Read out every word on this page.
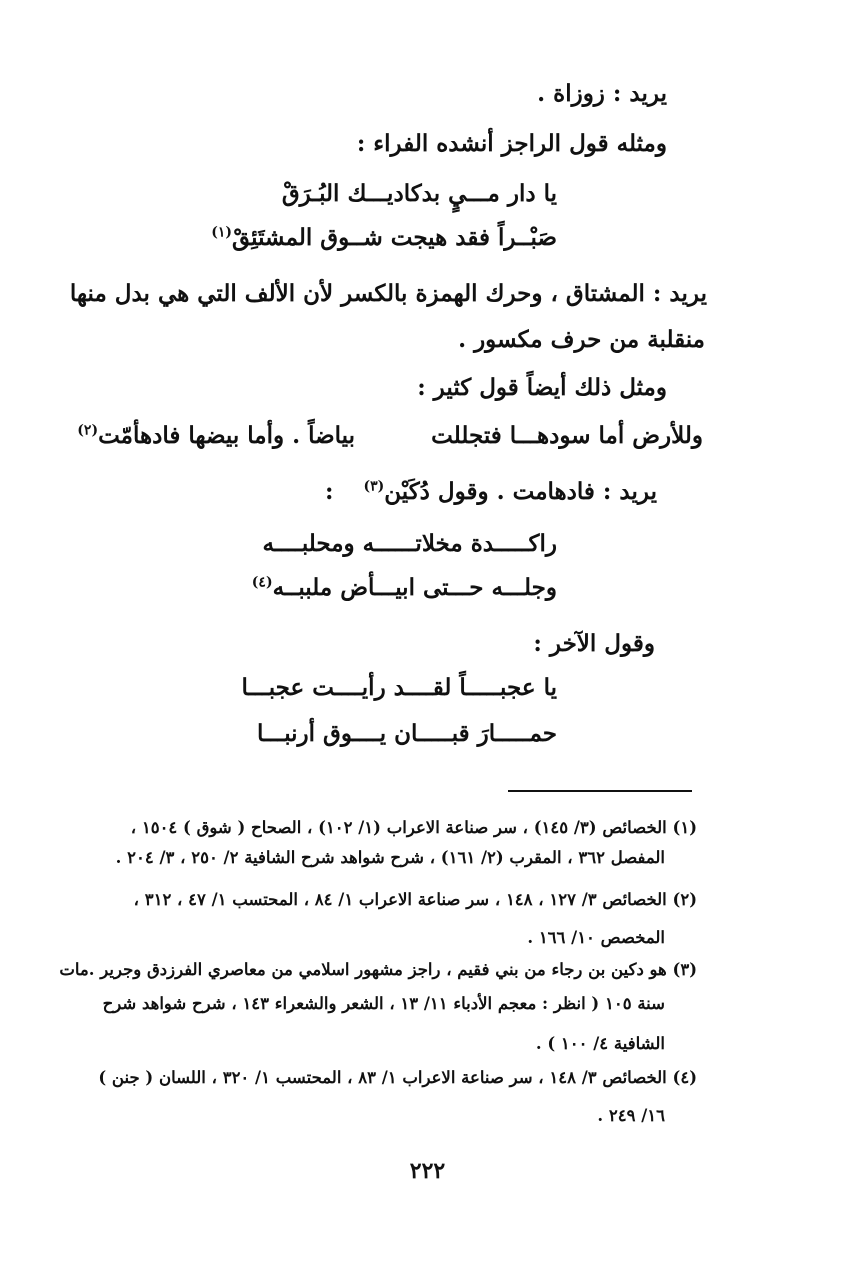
يريد : زوزاة .
ومثله قول الراجز أنشده الفراء :
يا دار مـــيٍ بدكاديـــك البُـرَقْ
صَبْــراً فقد هيجت شــوق المشتَئِقْ$^{(١)}$
يريد : المشتاق ، وحرك الهمزة بالكسر لأن الألف التي هي بدل منها
منقلبة من حرف مكسور .
ومثل ذلك أيضاً قول كثير :
وللأرض أما سودهـــا فتجللت
بياضاً . وأما بيضها فادهأمّت$^{(٢)}$
يريد : فادهامت . وقول دُكَيْن$^{(٣)}$ :
راكـــــدة مخلاتــــــه ومحلبــــه
وجلـــه حـــتى ابيـــأض ملببــه$^{(٤)}$
وقول الآخر :
يا عجبـــــاً لقــــد رأيــــت عجبـــا
حمـــــارَ قبـــــان يــــوق أرنبـــا
(١) الخصائص (٣/ ١٤٥) ، سر صناعة الاعراب (١/ ١٠٢) ، الصحاح ( شوق ) ١٥٠٤ ،
المفصل ٣٦٢ ، المقرب (٢/ ١٦١) ، شرح شواهد شرح الشافية ٢/ ٢٥٠ ، ٣/ ٢٠٤ .
(٢) الخصائص ٣/ ١٢٧ ، ١٤٨ ، سر صناعة الاعراب ١/ ٨٤ ، المحتسب ١/ ٤٧ ، ٣١٢ ،
المخصص ١٠/ ١٦٦ .
(٣) هو دكين بن رجاء من بني فقيم ، راجز مشهور اسلامي من معاصري الفرزدق وجرير .مات
سنة ١٠٥ ( انظر : معجم الأدباء ١١/ ١٣ ، الشعر والشعراء ١٤٣ ، شرح شواهد شرح
الشافية ٤/ ١٠٠ ) .
(٤) الخصائص ٣/ ١٤٨ ، سر صناعة الاعراب ١/ ٨٣ ، المحتسب ١/ ٣٢٠ ، اللسان ( جنن )
١٦/ ٢٤٩ .
٢٢٢
